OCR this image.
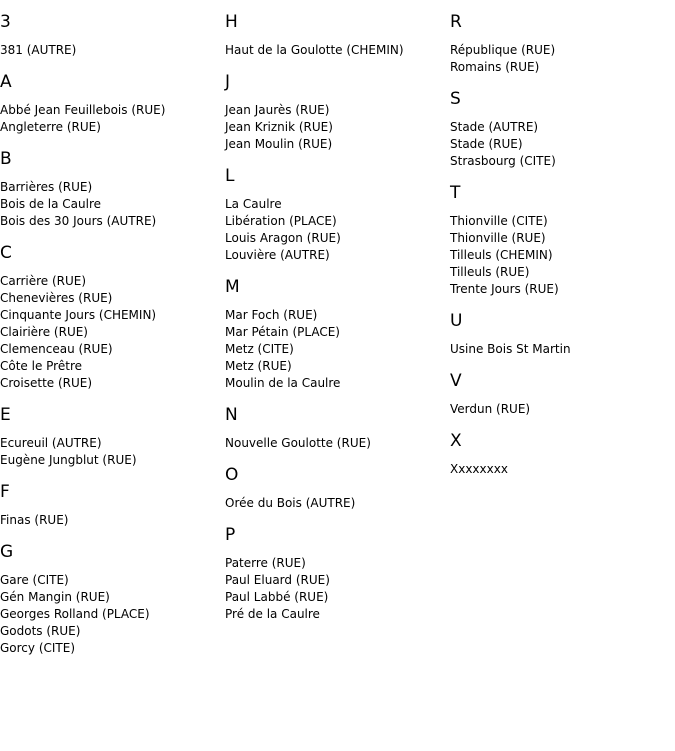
3
381 (AUTRE)
A
Abbé Jean Feuillebois (RUE)
Angleterre (RUE)
B
Barrières (RUE)
Bois de la Caulre
Bois des 30 Jours (AUTRE)
C
Carrière (RUE)
Chenevières (RUE)
Cinquante Jours (CHEMIN)
Clairière (RUE)
Clemenceau (RUE)
Côte le Prêtre
Croisette (RUE)
E
Ecureuil (AUTRE)
Eugène Jungblut (RUE)
F
Finas (RUE)
G
Gare (CITE)
Gén Mangin (RUE)
Georges Rolland (PLACE)
Godots (RUE)
Gorcy (CITE)
H
Haut de la Goulotte (CHEMIN)
J
Jean Jaurès (RUE)
Jean Kriznik (RUE)
Jean Moulin (RUE)
L
La Caulre
Libération (PLACE)
Louis Aragon (RUE)
Louvière (AUTRE)
M
Mar Foch (RUE)
Mar Pétain (PLACE)
Metz (CITE)
Metz (RUE)
Moulin de la Caulre
N
Nouvelle Goulotte (RUE)
O
Orée du Bois (AUTRE)
P
Paterre (RUE)
Paul Eluard (RUE)
Paul Labbé (RUE)
Pré de la Caulre
R
République (RUE)
Romains (RUE)
S
Stade (AUTRE)
Stade (RUE)
Strasbourg (CITE)
T
Thionville (CITE)
Thionville (RUE)
Tilleuls (CHEMIN)
Tilleuls (RUE)
Trente Jours (RUE)
U
Usine Bois St Martin
V
Verdun (RUE)
X
Xxxxxxxx
